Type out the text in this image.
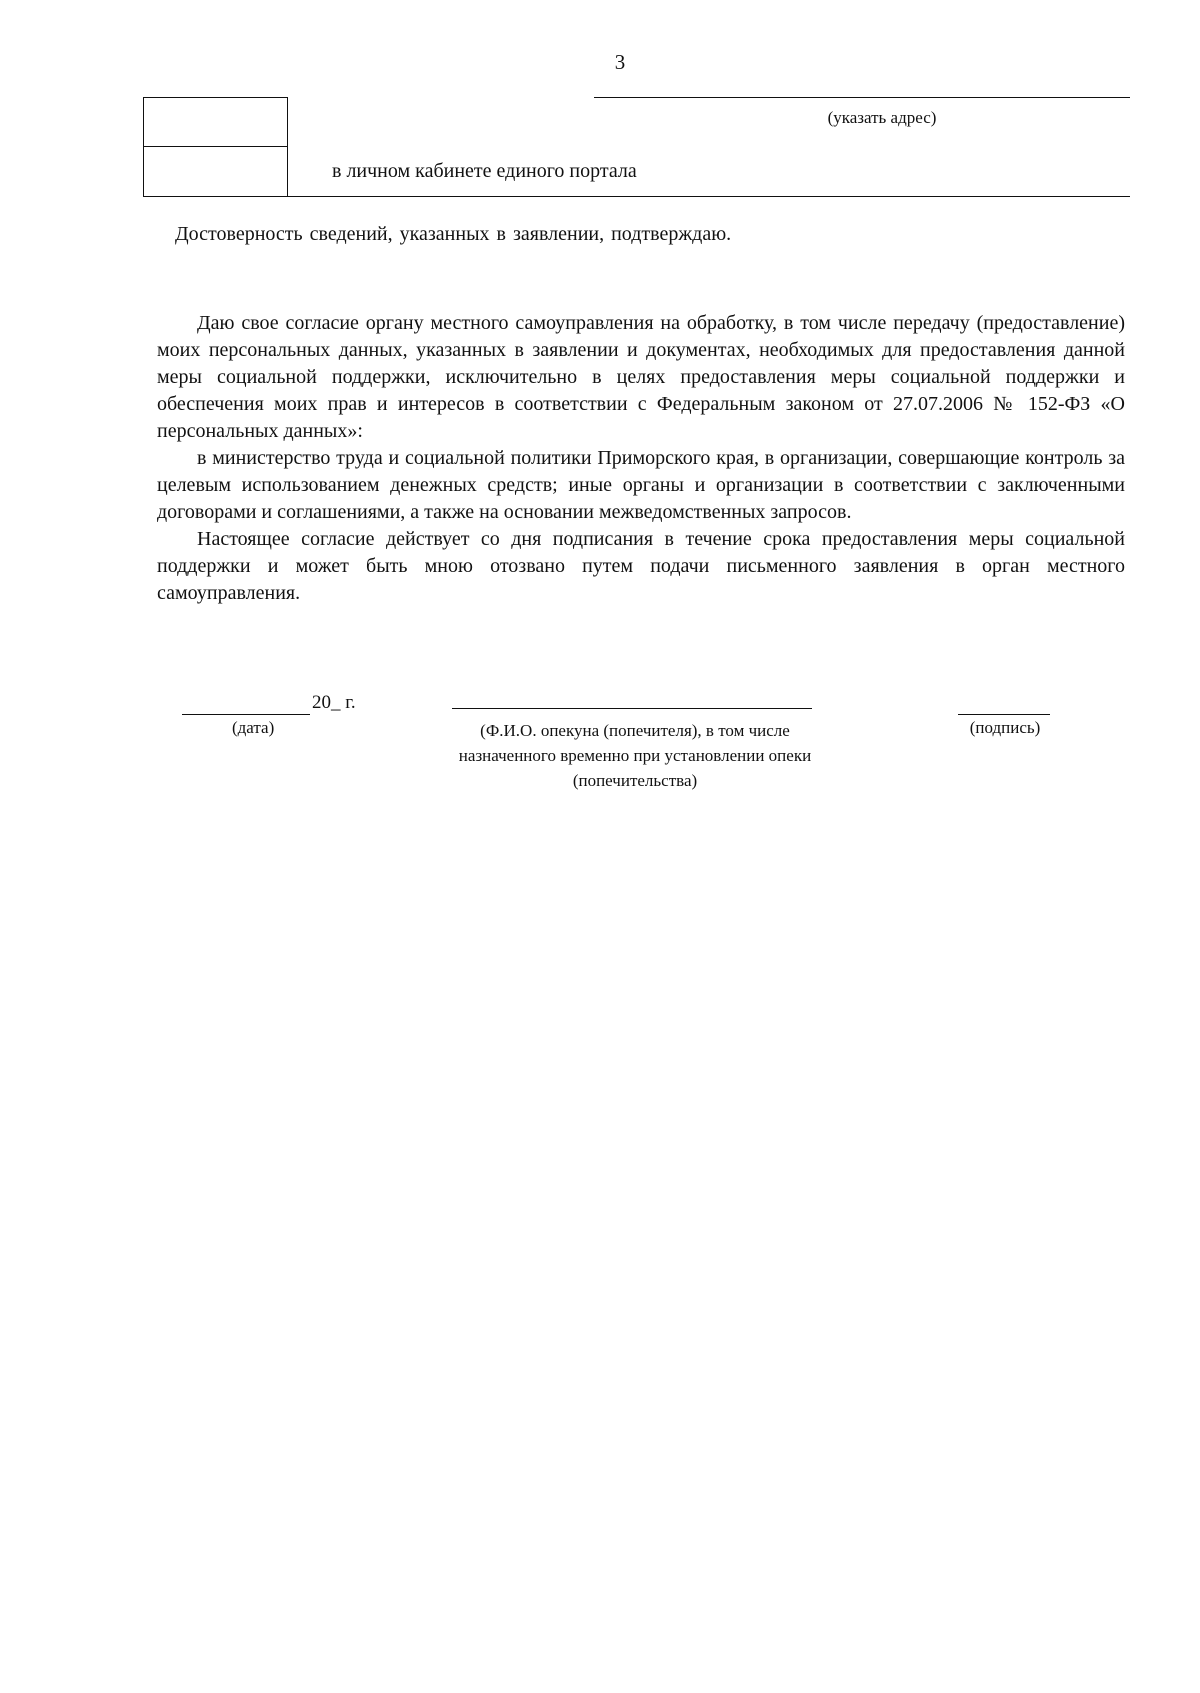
3
(указать адрес)
в личном кабинете единого портала
Достоверность сведений, указанных в заявлении, подтверждаю.

Даю свое согласие органу местного самоуправления на обработку, в том числе передачу (предоставление) моих персональных данных, указанных в заявлении и документах, необходимых для предоставления данной меры социальной поддержки, исключительно в целях предоставления меры социальной поддержки и обеспечения моих прав и интересов в соответствии с Федеральным законом от 27.07.2006 № 152-ФЗ «О персональных данных»:

в министерство труда и социальной политики Приморского края, в организации, совершающие контроль за целевым использованием денежных средств; иные органы и организации в соответствии с заключенными договорами и соглашениями, а также на основании межведомственных запросов.

Настоящее согласие действует со дня подписания в течение срока предоставления меры социальной поддержки и может быть мною отозвано путем подачи письменного заявления в орган местного самоуправления.

20_ г.
(дата)	(Ф.И.О. опекуна (попечителя), в том числе
назначенного временно при установлении опеки
(попечительства)
(подпись)
